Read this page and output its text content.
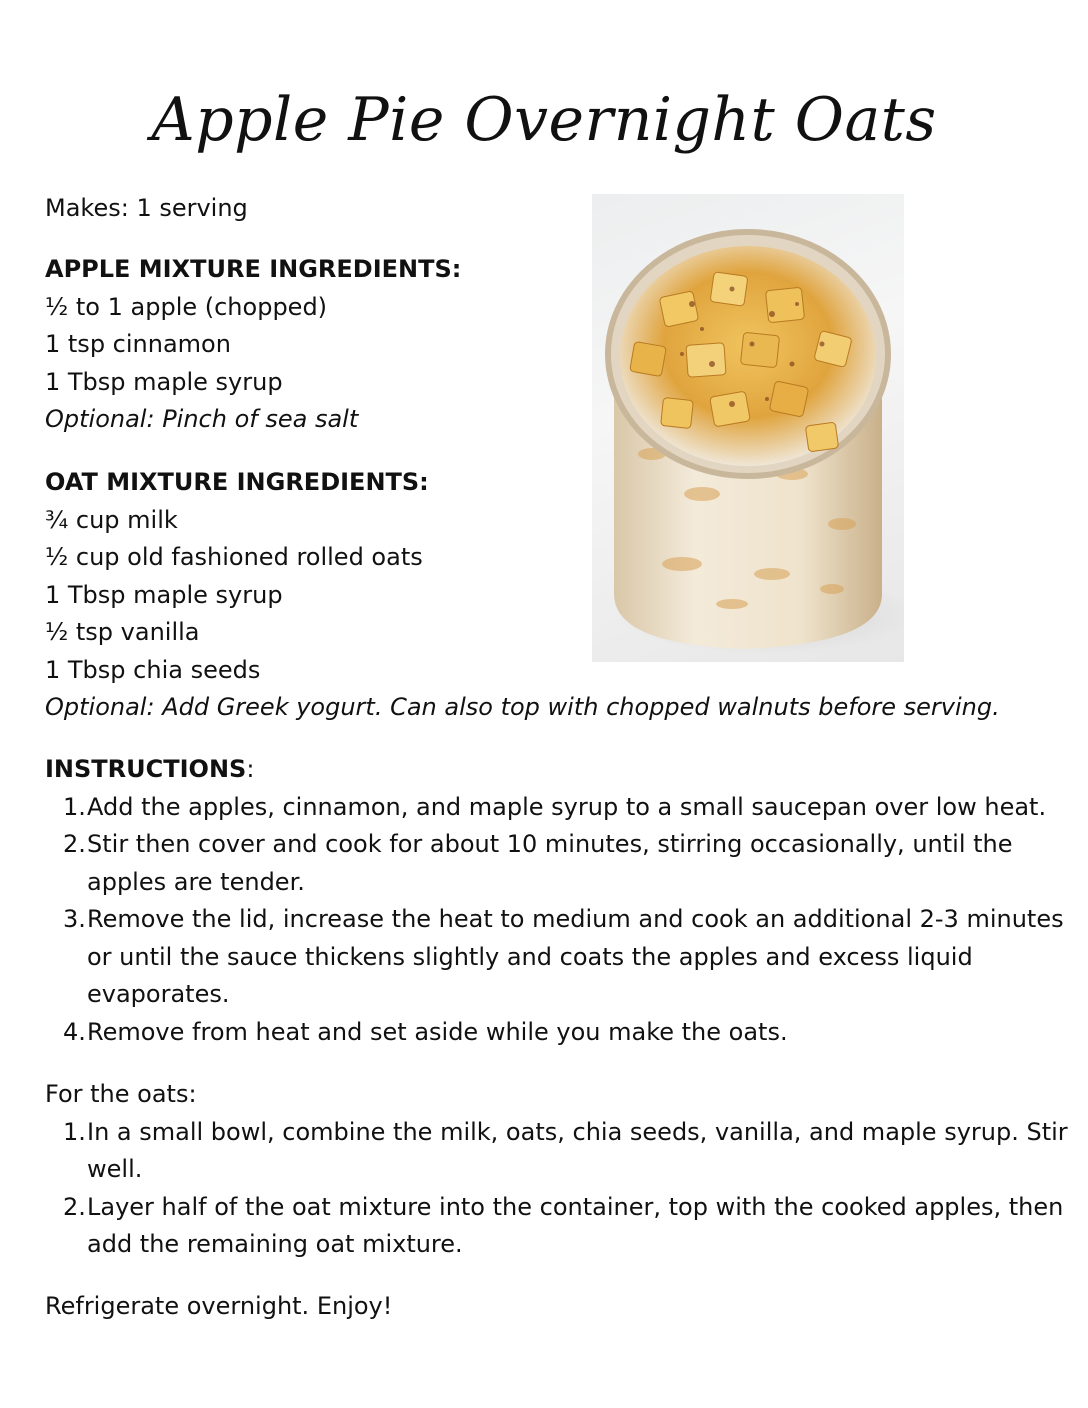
Apple Pie Overnight Oats
Makes: 1 serving
APPLE MIXTURE INGREDIENTS:
½ to 1 apple (chopped)
1 tsp cinnamon
1 Tbsp maple syrup
Optional: Pinch of sea salt
OAT MIXTURE INGREDIENTS:
¾ cup milk
½ cup old fashioned rolled oats
1 Tbsp maple syrup
½ tsp vanilla
1 Tbsp chia seeds
Optional: Add Greek yogurt. Can also top with chopped walnuts before serving.
INSTRUCTIONS:
1. Add the apples, cinnamon, and maple syrup to a small saucepan over low heat.
2. Stir then cover and cook for about 10 minutes, stirring occasionally, until the apples are tender.
3. Remove the lid, increase the heat to medium and cook an additional 2-3 minutes or until the sauce thickens slightly and coats the apples and excess liquid evaporates.
4. Remove from heat and set aside while you make the oats.
For the oats:
1. In a small bowl, combine the milk, oats, chia seeds, vanilla, and maple syrup. Stir well.
2. Layer half of the oat mixture into the container, top with the cooked apples, then add the remaining oat mixture.
Refrigerate overnight. Enjoy!
